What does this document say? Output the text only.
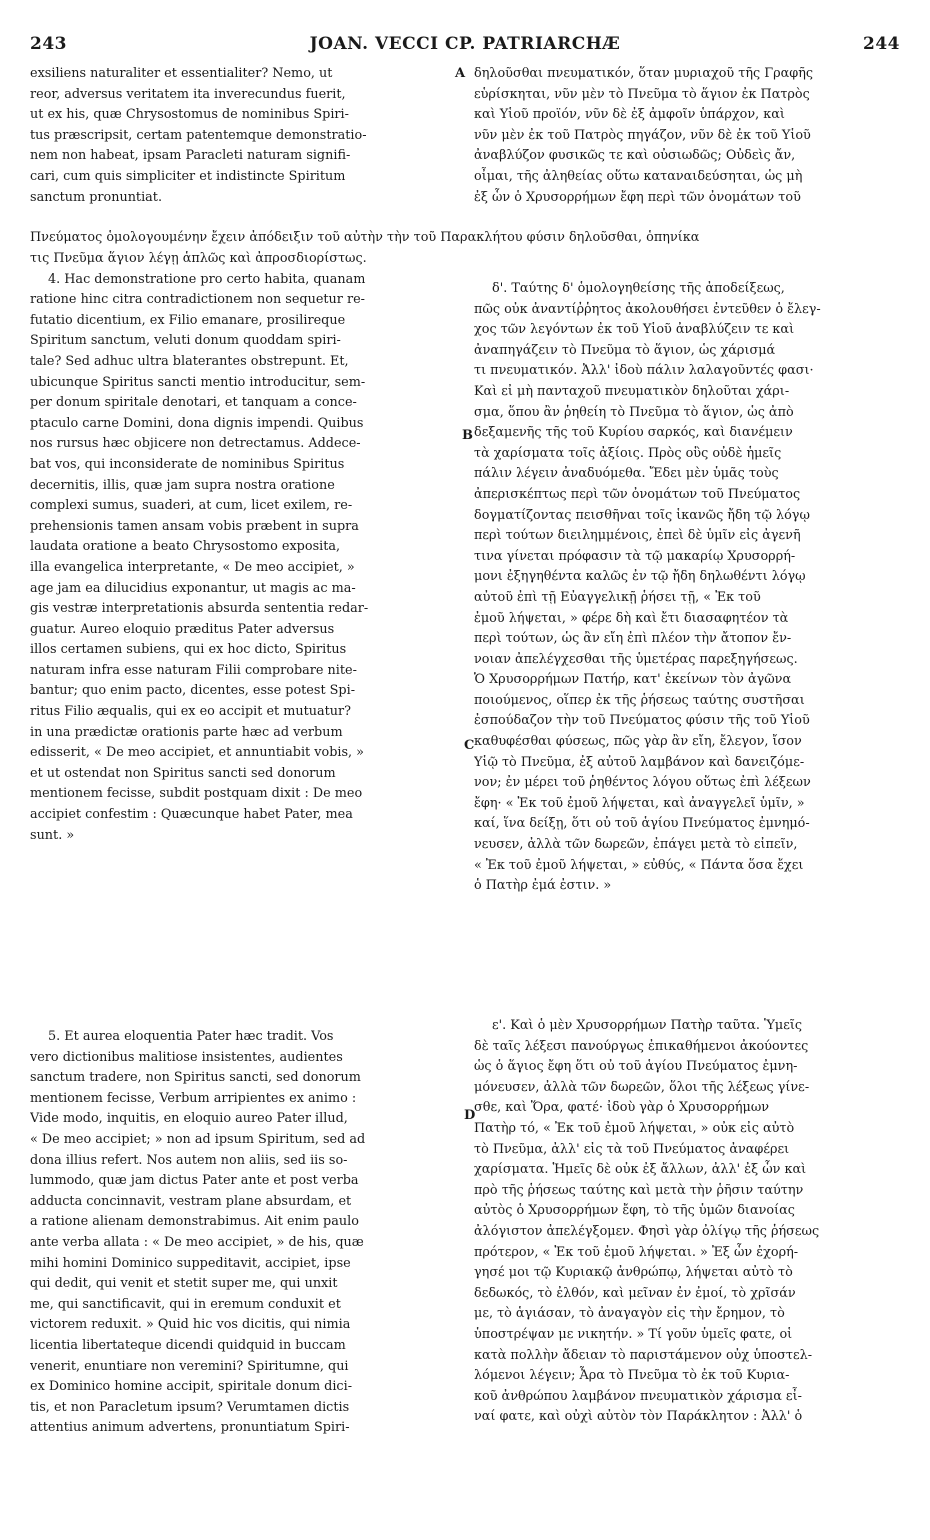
243	JOAN. VECCI CP. PATRIARCHÆ	244
A
B
C
D
exsiliens naturaliter et essentialiter? Nemo, ut
reor, adversus veritatem ita inverecundus fuerit,
ut ex his, quæ Chrysostomus de nominibus Spiri-
tus præscripsit, certam patentemque demonstratio-
nem non habeat, ipsam Paracleti naturam signifi-
cari, cum quis simpliciter et indistincte Spiritum
sanctum pronuntiat.
Πνεύματος ὁμολογουμένην ἔχειν ἀπόδειξιν τοῦ αὐτὴν τὴν τοῦ Παρακλήτου φύσιν δηλοῦσθαι, ὁπηνίκα
τις Πνεῦμα ἅγιον λέγῃ ἁπλῶς καὶ ἀπροσδιορίστως.
4. Hac demonstratione pro certo habita, quanam
ratione hinc citra contradictionem non sequetur re-
futatio dicentium, ex Filio emanare, prosilireque
Spiritum sanctum, veluti donum quoddam spiri-
tale? Sed adhuc ultra blaterantes obstrepunt. Et,
ubicunque Spiritus sancti mentio introducitur, sem-
per donum spiritale denotari, et tanquam a conce-
ptaculo carne Domini, dona dignis impendi. Quibus
nos rursus hæc objicere non detrectamus. Addece-
bat vos, qui inconsiderate de nominibus Spiritus
decernitis, illis, quæ jam supra nostra oratione
complexi sumus, suaderi, at cum, licet exilem, re-
prehensionis tamen ansam vobis præbent in supra
laudata oratione a beato Chrysostomo exposita,
illa evangelica interpretante, « De meo accipiet, »
age jam ea dilucidius exponantur, ut magis ac ma-
gis vestræ interpretationis absurda sententia redar-
guatur. Aureo eloquio præditus Pater adversus
illos certamen subiens, qui ex hoc dicto, Spiritus
naturam infra esse naturam Filii comprobare nite-
bantur; quo enim pacto, dicentes, esse potest Spi-
ritus Filio æqualis, qui ex eo accipit et mutuatur?
in una prædictæ orationis parte hæc ad verbum
edisserit, « De meo accipiet, et annuntiabit vobis, »
et ut ostendat non Spiritus sancti sed donorum
mentionem fecisse, subdit postquam dixit : De meo
accipiet confestim : Quæcunque habet Pater, mea
sunt. »
5. Et aurea eloquentia Pater hæc tradit. Vos
vero dictionibus malitiose insistentes, audientes
sanctum tradere, non Spiritus sancti, sed donorum
mentionem fecisse, Verbum arripientes ex animo :
Vide modo, inquitis, en eloquio aureo Pater illud,
« De meo accipiet; » non ad ipsum Spiritum, sed ad
dona illius refert. Nos autem non aliis, sed iis so-
lummodo, quæ jam dictus Pater ante et post verba
adducta concinnavit, vestram plane absurdam, et
a ratione alienam demonstrabimus. Ait enim paulo
ante verba allata : « De meo accipiet, » de his, quæ
mihi homini Dominico suppeditavit, accipiet, ipse
qui dedit, qui venit et stetit super me, qui unxit
me, qui sanctificavit, qui in eremum conduxit et
victorem reduxit. » Quid hic vos dicitis, qui nimia
licentia libertateque dicendi quidquid in buccam
venerit, enuntiare non veremini? Spiritumne, qui
ex Dominico homine accipit, spiritale donum dici-
tis, et non Paracletum ipsum? Verumtamen dictis
attentius animum advertens, pronuntiatum Spiri-
δηλοῦσθαι πνευματικόν, ὅταν μυριαχοῦ τῆς Γραφῆς
εὑρίσκηται, νῦν μὲν τὸ Πνεῦμα τὸ ἅγιον ἐκ Πατρὸς
καὶ Υἱοῦ προϊόν, νῦν δὲ ἐξ ἀμφοῖν ὑπάρχον, καὶ
νῦν μὲν ἐκ τοῦ Πατρὸς πηγάζον, νῦν δὲ ἐκ τοῦ Υἱοῦ
ἀναβλύζον φυσικῶς τε καὶ οὐσιωδῶς; Οὐδεὶς ἄν,
οἶμαι, τῆς ἀληθείας οὕτω καταναιδεύσηται, ὡς μὴ
ἐξ ὧν ὁ Χρυσορρήμων ἔφη περὶ τῶν ὀνομάτων τοῦ
δ'. Ταύτης δ' ὁμολογηθείσης τῆς ἀποδείξεως,
πῶς οὐκ ἀναντίῤῥητος ἀκολουθήσει ἐντεῦθεν ὁ ἔλεγ-
χος τῶν λεγόντων ἐκ τοῦ Υἱοῦ ἀναβλύζειν τε καὶ
ἀναπηγάζειν τὸ Πνεῦμα τὸ ἅγιον, ὡς χάρισμά
τι πνευματικόν. Ἀλλ' ἰδοὺ πάλιν λαλαγοῦντές φασι·
Καὶ εἰ μὴ πανταχοῦ πνευματικὸν δηλοῦται χάρι-
σμα, ὅπου ἂν ῥηθείη τὸ Πνεῦμα τὸ ἅγιον, ὡς ἀπὸ
δεξαμενῆς τῆς τοῦ Κυρίου σαρκός, καὶ διανέμειν
τὰ χαρίσματα τοῖς ἀξίοις. Πρὸς οὓς οὐδὲ ἡμεῖς
πάλιν λέγειν ἀναδυόμεθα. Ἔδει μὲν ὑμᾶς τοὺς
ἀπερισκέπτως περὶ τῶν ὀνομάτων τοῦ Πνεύματος
δογματίζοντας πεισθῆναι τοῖς ἱκανῶς ἤδη τῷ λόγῳ
περὶ τούτων διειλημμένοις, ἐπεὶ δὲ ὑμῖν εἰς ἀγενῆ
τινα γίνεται πρόφασιν τὰ τῷ μακαρίῳ Χρυσορρή-
μονι ἐξηγηθέντα καλῶς ἐν τῷ ἤδη δηλωθέντι λόγῳ
αὐτοῦ ἐπὶ τῇ Εὐαγγελικῇ ῥήσει τῇ, « Ἐκ τοῦ
ἐμοῦ λήψεται, » φέρε δὴ καὶ ἔτι διασαφητέον τὰ
περὶ τούτων, ὡς ἂν εἴη ἐπὶ πλέον τὴν ἄτοπον ἔν-
νοιαν ἀπελέγχεσθαι τῆς ὑμετέρας παρεξηγήσεως.
Ὁ Χρυσορρήμων Πατήρ, κατ' ἐκείνων τὸν ἀγῶνα
ποιούμενος, οἵπερ ἐκ τῆς ῥήσεως ταύτης συστῆσαι
ἐσπούδαζον τὴν τοῦ Πνεύματος φύσιν τῆς τοῦ Υἱοῦ
καθυφέσθαι φύσεως, πῶς γὰρ ἂν εἴη, ἔλεγον, ἴσον
Υἱῷ τὸ Πνεῦμα, ἐξ αὐτοῦ λαμβάνον καὶ δανειζόμε-
νον; ἐν μέρει τοῦ ῥηθέντος λόγου οὕτως ἐπὶ λέξεων
ἔφη· « Ἐκ τοῦ ἐμοῦ λήψεται, καὶ ἀναγγελεῖ ὑμῖν, »
καί, ἵνα δείξῃ, ὅτι οὐ τοῦ ἁγίου Πνεύματος ἐμνημό-
νευσεν, ἀλλὰ τῶν δωρεῶν, ἐπάγει μετὰ τὸ εἰπεῖν,
« Ἐκ τοῦ ἐμοῦ λήψεται, » εὐθύς, « Πάντα ὅσα ἔχει
ὁ Πατὴρ ἐμά ἐστιν. »
ε'. Καὶ ὁ μὲν Χρυσορρήμων Πατὴρ ταῦτα. Ὑμεῖς
δὲ ταῖς λέξεσι πανούργως ἐπικαθήμενοι ἀκούοντες
ὡς ὁ ἅγιος ἔφη ὅτι οὐ τοῦ ἁγίου Πνεύματος ἐμνη-
μόνευσεν, ἀλλὰ τῶν δωρεῶν, ὅλοι τῆς λέξεως γίνε-
σθε, καὶ Ὅρα, φατέ· ἰδοὺ γὰρ ὁ Χρυσορρήμων
Πατὴρ τό, « Ἐκ τοῦ ἐμοῦ λήψεται, » οὐκ εἰς αὐτὸ
τὸ Πνεῦμα, ἀλλ' εἰς τὰ τοῦ Πνεύματος ἀναφέρει
χαρίσματα. Ἡμεῖς δὲ οὐκ ἐξ ἄλλων, ἀλλ' ἐξ ὧν καὶ
πρὸ τῆς ῥήσεως ταύτης καὶ μετὰ τὴν ῥῆσιν ταύτην
αὐτὸς ὁ Χρυσορρήμων ἔφη, τὸ τῆς ὑμῶν διανοίας
ἀλόγιστον ἀπελέγξομεν. Φησὶ γὰρ ὀλίγῳ τῆς ῥήσεως
πρότερον, « Ἐκ τοῦ ἐμοῦ λήψεται. » Ἐξ ὧν ἐχορή-
γησέ μοι τῷ Κυριακῷ ἀνθρώπῳ, λήψεται αὐτὸ τὸ
δεδωκός, τὸ ἐλθόν, καὶ μεῖναν ἐν ἐμοί, τὸ χρῖσάν
με, τὸ ἁγιάσαν, τὸ ἀναγαγὸν εἰς τὴν ἔρημον, τὸ
ὑποστρέψαν με νικητήν. » Τί γοῦν ὑμεῖς φατε, οἱ
κατὰ πολλὴν ἄδειαν τὸ παριστάμενον οὐχ ὑποστελ-
λόμενοι λέγειν; Ἆρα τὸ Πνεῦμα τὸ ἐκ τοῦ Κυρια-
κοῦ ἀνθρώπου λαμβάνον πνευματικὸν χάρισμα εἶ-
ναί φατε, καὶ οὐχὶ αὐτὸν τὸν Παράκλητον : Ἀλλ' ὁ
